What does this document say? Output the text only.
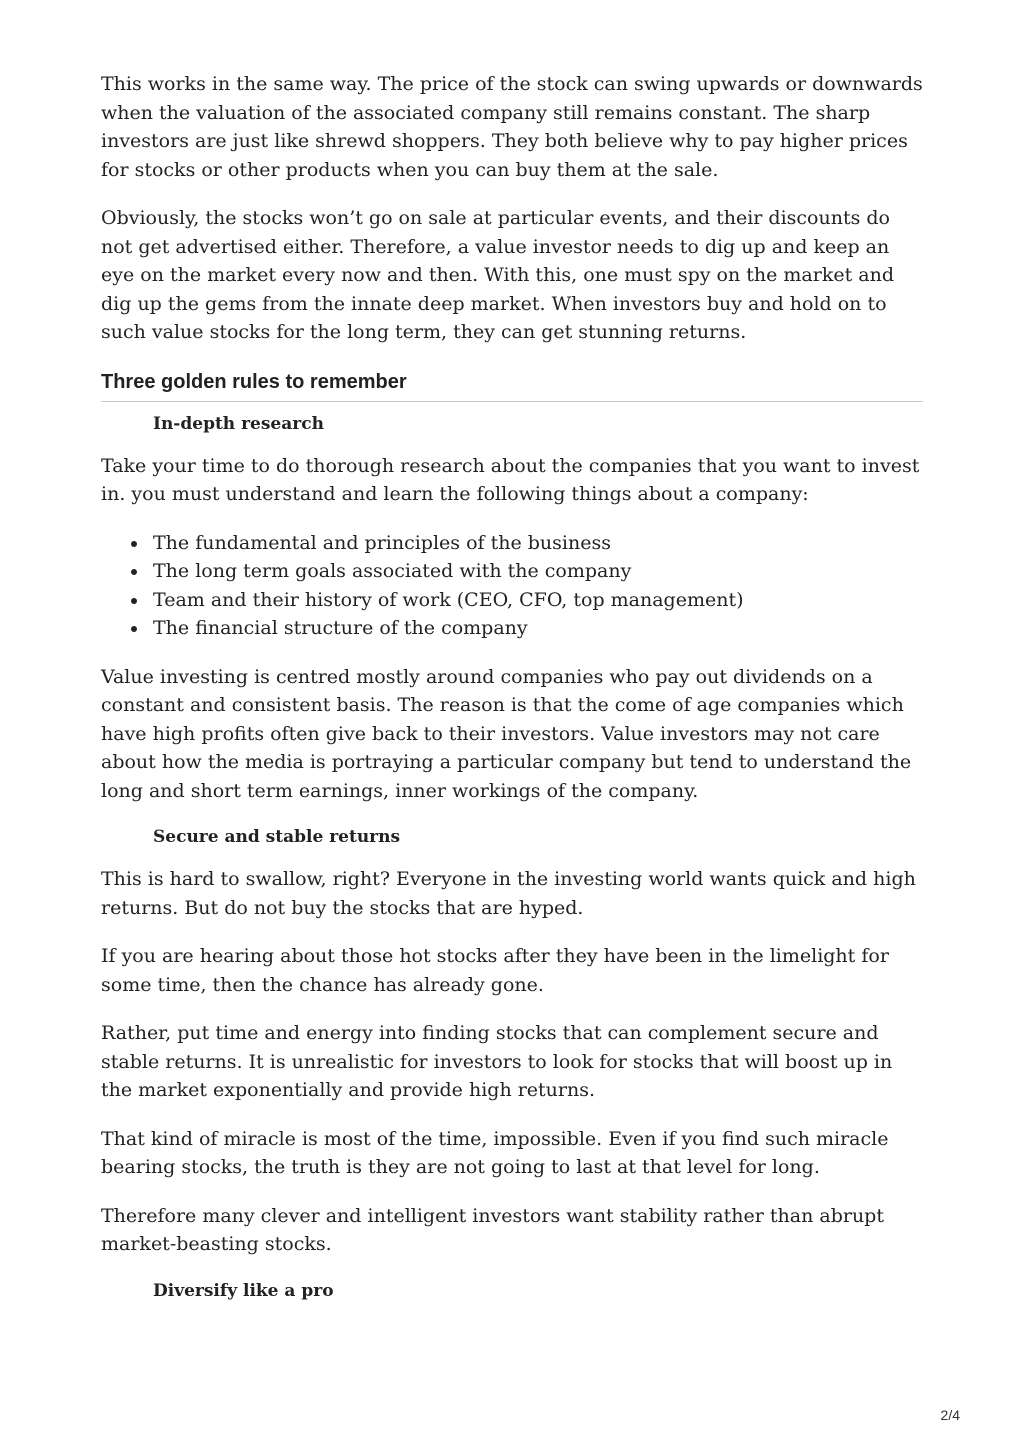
This works in the same way. The price of the stock can swing upwards or downwards when the valuation of the associated company still remains constant. The sharp investors are just like shrewd shoppers. They both believe why to pay higher prices for stocks or other products when you can buy them at the sale.

Obviously, the stocks won’t go on sale at particular events, and their discounts do not get advertised either. Therefore, a value investor needs to dig up and keep an eye on the market every now and then. With this, one must spy on the market and dig up the gems from the innate deep market. When investors buy and hold on to such value stocks for the long term, they can get stunning returns.

Three golden rules to remember
In-depth research

Take your time to do thorough research about the companies that you want to invest in. you must understand and learn the following things about a company:

The fundamental and principles of the business
The long term goals associated with the company
Team and their history of work (CEO, CFO, top management)
The financial structure of the company

Value investing is centred mostly around companies who pay out dividends on a constant and consistent basis. The reason is that the come of age companies which have high profits often give back to their investors. Value investors may not care about how the media is portraying a particular company but tend to understand the long and short term earnings, inner workings of the company.

Secure and stable returns

This is hard to swallow, right? Everyone in the investing world wants quick and high returns. But do not buy the stocks that are hyped.

If you are hearing about those hot stocks after they have been in the limelight for some time, then the chance has already gone.

Rather, put time and energy into finding stocks that can complement secure and stable returns. It is unrealistic for investors to look for stocks that will boost up in the market exponentially and provide high returns.

That kind of miracle is most of the time, impossible. Even if you find such miracle bearing stocks, the truth is they are not going to last at that level for long.

Therefore many clever and intelligent investors want stability rather than abrupt market-beasting stocks.

Diversify like a pro
2/4
